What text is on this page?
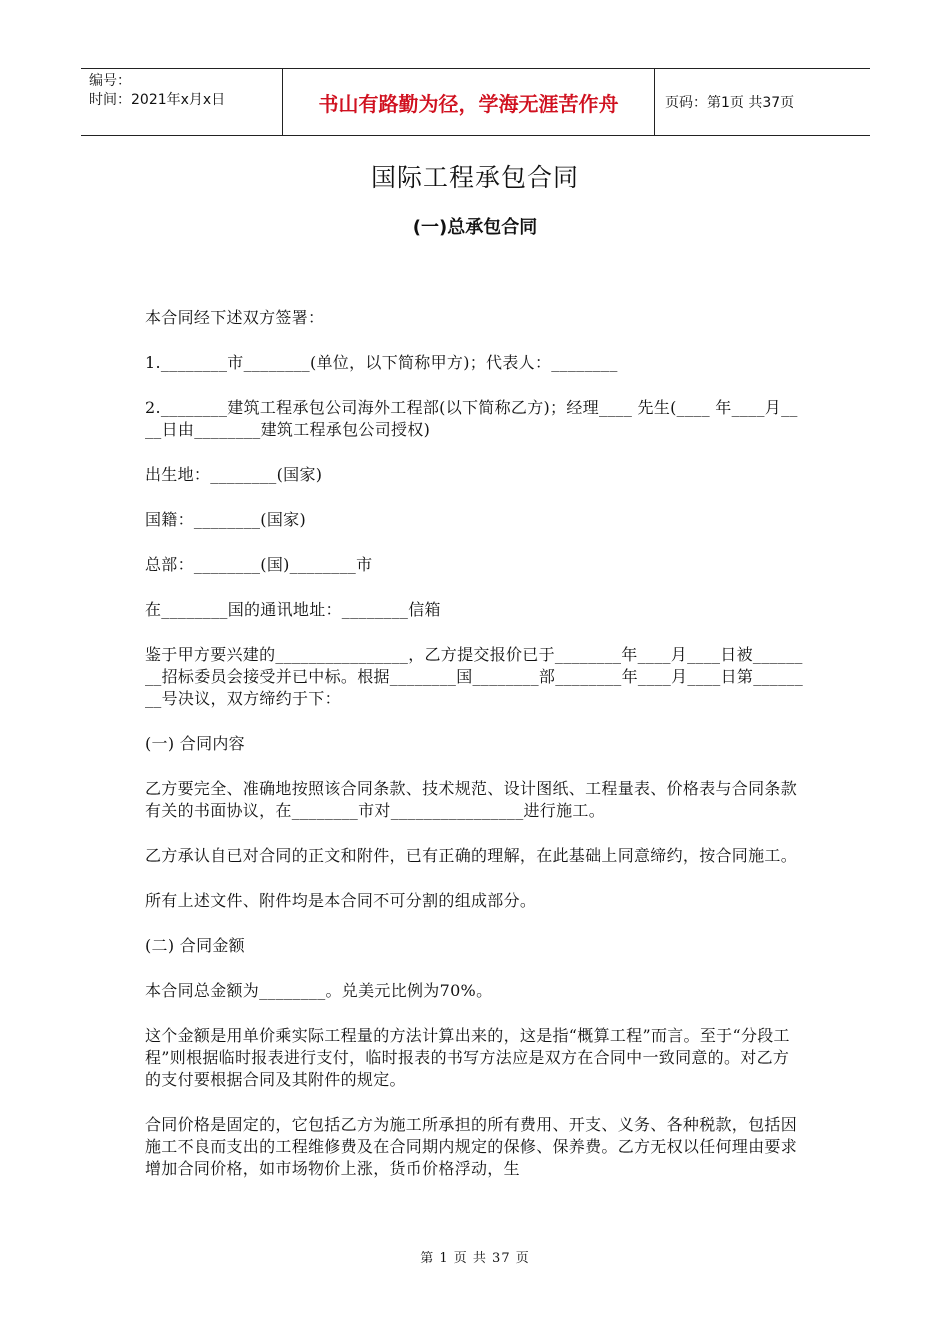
编号：
时间：2021年x月x日	书山有路勤为径，学海无涯苦作舟	页码：第1页 共37页
国际工程承包合同
(一)总承包合同

本合同经下述双方签署：

1.________市________(单位，以下简称甲方)；代表人：________

2.________建筑工程承包公司海外工程部(以下简称乙方)；经理____ 先生(____ 年____月____日由________建筑工程承包公司授权)

出生地：________(国家)

国籍：________(国家)

总部：________(国)________市

在________国的通讯地址：________信箱

鉴于甲方要兴建的________________，乙方提交报价已于________年____月____日被________招标委员会接受并已中标。根据________国________部________年____月____日第________号决议，双方缔约于下：

(一) 合同内容

乙方要完全、准确地按照该合同条款、技术规范、设计图纸、工程量表、价格表与合同条款有关的书面协议，在________市对________________进行施工。

乙方承认自已对合同的正文和附件，已有正确的理解，在此基础上同意缔约，按合同施工。

所有上述文件、附件均是本合同不可分割的组成部分。

(二) 合同金额

本合同总金额为________。兑美元比例为70%。

这个金额是用单价乘实际工程量的方法计算出来的，这是指“概算工程”而言。至于“分段工程”则根据临时报表进行支付，临时报表的书写方法应是双方在合同中一致同意的。对乙方的支付要根据合同及其附件的规定。

合同价格是固定的，它包括乙方为施工所承担的所有费用、开支、义务、各种税款，包括因施工不良而支出的工程维修费及在合同期内规定的保修、保养费。乙方无权以任何理由要求增加合同价格，如市场物价上涨，货币价格浮动，生

第 1 页 共 37 页
